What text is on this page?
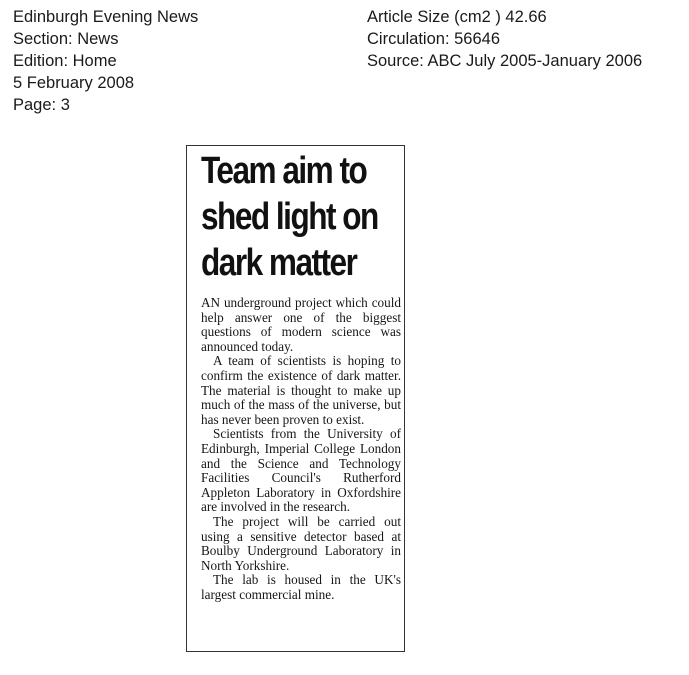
Edinburgh Evening News
Section: News
Edition: Home
5 February 2008
Page: 3
Article Size (cm2 ) 42.66
Circulation: 56646
Source: ABC July 2005-January 2006
Team aim to
shed light on
dark matter

AN underground project which could help answer one of the biggest questions of modern science was announced today.

A team of scientists is hoping to confirm the existence of dark matter. The material is thought to make up much of the mass of the universe, but has never been proven to exist.

Scientists from the University of Edinburgh, Imperial College London and the Science and Technology Facilities Council's Rutherford Appleton Laboratory in Oxfordshire are involved in the research.

The project will be carried out using a sensitive detector based at Boulby Underground Laboratory in North Yorkshire.

The lab is housed in the UK's largest commercial mine.
